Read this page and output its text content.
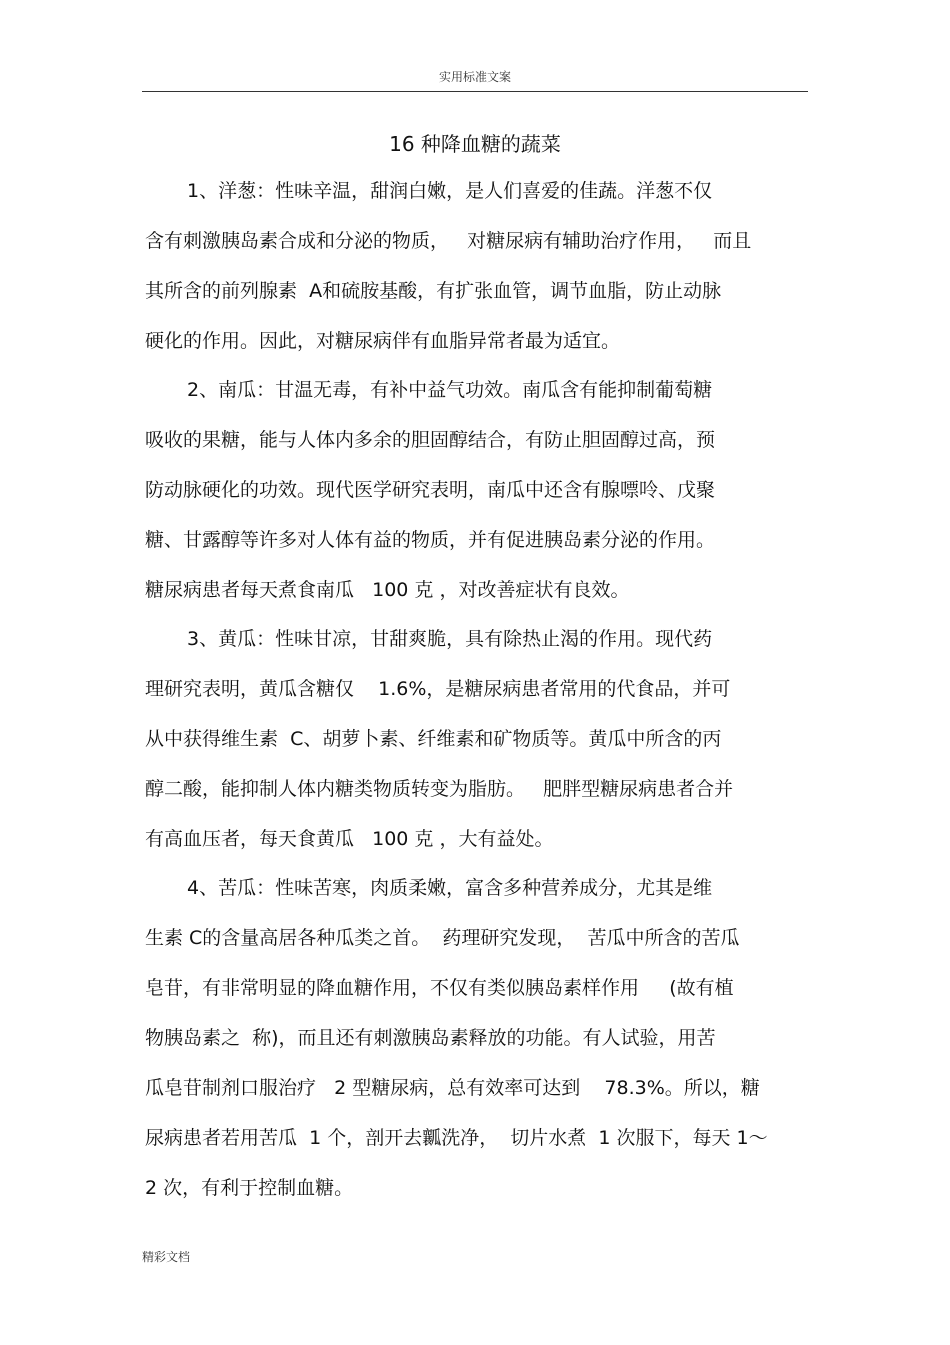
实用标准文案
16 种降血糖的蔬菜
1、洋葱：性味辛温，甜润白嫩，是人们喜爱的佳蔬。洋葱不仅
含有刺激胰岛素合成和分泌的物质，   对糖尿病有辅助治疗作用，   而且
其所含的前列腺素  A和硫胺基酸，有扩张血管，调节血脂，防止动脉
硬化的作用。因此，对糖尿病伴有血脂异常者最为适宜。
2、南瓜：甘温无毒，有补中益气功效。南瓜含有能抑制葡萄糖
吸收的果糖，能与人体内多余的胆固醇结合，有防止胆固醇过高，预
防动脉硬化的功效。现代医学研究表明，南瓜中还含有腺嘌呤、戊聚
糖、甘露醇等许多对人体有益的物质，并有促进胰岛素分泌的作用。
糖尿病患者每天煮食南瓜   100 克 ，对改善症状有良效。
3、黄瓜：性味甘凉，甘甜爽脆，具有除热止渴的作用。现代药
理研究表明，黄瓜含糖仅    1.6%，是糖尿病患者常用的代食品，并可
从中获得维生素  C、胡萝卜素、纤维素和矿物质等。黄瓜中所含的丙
醇二酸，能抑制人体内糖类物质转变为脂肪。   肥胖型糖尿病患者合并
有高血压者，每天食黄瓜   100 克 ，大有益处。
4、苦瓜：性味苦寒，肉质柔嫩，富含多种营养成分，尤其是维
生素 C的含量高居各种瓜类之首。  药理研究发现，  苦瓜中所含的苦瓜
皂苷，有非常明显的降血糖作用，不仅有类似胰岛素样作用     (故有植
物胰岛素之  称)，而且还有刺激胰岛素释放的功能。有人试验，用苦
瓜皂苷制剂口服治疗   2 型糖尿病，总有效率可达到    78.3%。所以，糖
尿病患者若用苦瓜  1 个，剖开去瓤洗净，  切片水煮  1 次服下，每天 1～
2 次，有利于控制血糖。
精彩文档
